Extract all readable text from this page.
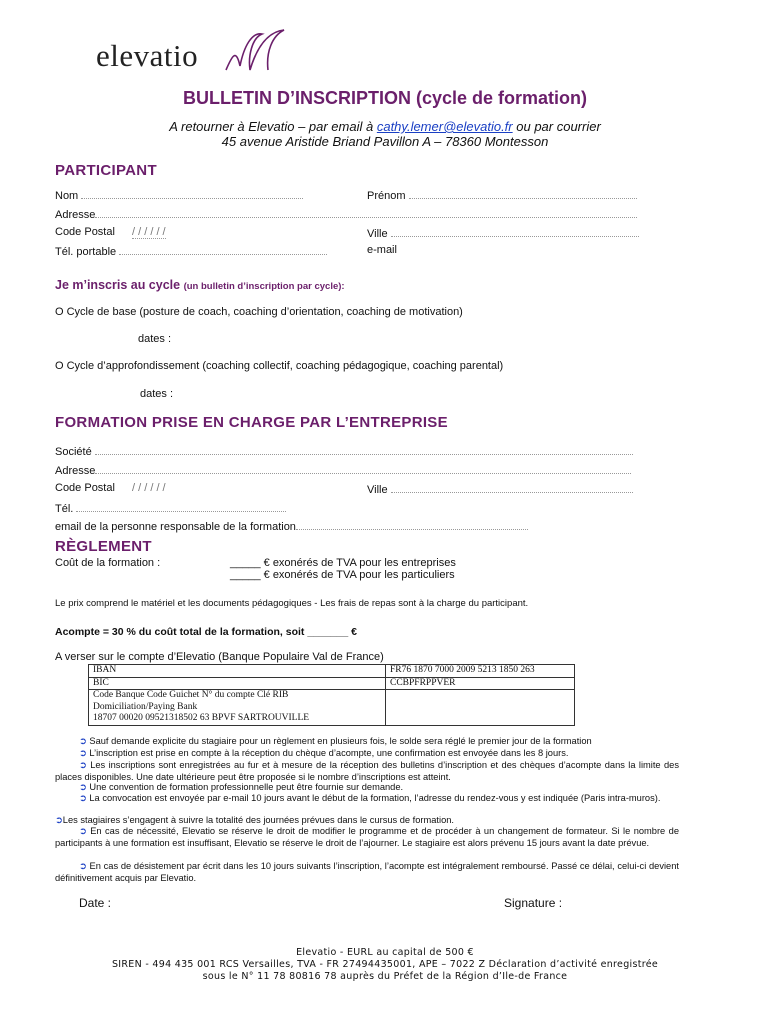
elevatio
BULLETIN D’INSCRIPTION (cycle de formation)
A retourner à Elevatio – par email à cathy.lemer@elevatio.fr ou par courrier
45 avenue Aristide Briand Pavillon A – 78360 Montesson
PARTICIPANT
Nom	Prénom
Adresse
Code Postal / / / / / /	Ville
Tél. portable	e-mail
Je m’inscris au cycle (un bulletin d’inscription par cycle):
O Cycle de base (posture de coach, coaching d’orientation, coaching de motivation)
dates :
O Cycle d’approfondissement (coaching collectif, coaching pédagogique, coaching parental)
dates :
FORMATION PRISE EN CHARGE PAR L’ENTREPRISE
Société
Adresse
Code Postal / / / / / /	Ville
Tél.
email de la personne responsable de la formation
RÈGLEMENT
Coût de la formation :	_____ € exonérés de TVA pour les entreprises
_____ € exonérés de TVA pour les particuliers
Le prix comprend le matériel et les documents pédagogiques - Les frais de repas sont à la charge du participant.
Acompte = 30 % du coût total de la formation, soit _______ €
A verser sur le compte d’Elevatio (Banque Populaire Val de France)
IBAN	FR76 1870 7000 2009 5213 1850 263
BIC	CCBPFRPPVER

Code Banque Code Guichet N° du compte Clé RIB
Domiciliation/Paying Bank
18707 00020 09521318502 63 BPVF SARTROUVILLE	

➲ Sauf demande explicite du stagiaire pour un règlement en plusieurs fois, le solde sera réglé le premier jour de la formation
➲ L’inscription est prise en compte à la réception du chèque d’acompte, une confirmation est envoyée dans les 8 jours.
➲ Les inscriptions sont enregistrées au fur et à mesure de la réception des bulletins d’inscription et des chèques d’acompte dans la limite des places disponibles. Une date ultérieure peut être proposée si le nombre d’inscriptions est atteint.
➲ Une convention de formation professionnelle peut être fournie sur demande.
➲ La convocation est envoyée par e-mail 10 jours avant le début de la formation, l’adresse du rendez-vous y est indiquée (Paris intra-muros).
➲Les stagiaires s’engagent à suivre la totalité des journées prévues dans le cursus de formation.
➲ En cas de nécessité, Elevatio se réserve le droit de modifier le programme et de procéder à un changement de formateur. Si le nombre de participants à une formation est insuffisant, Elevatio se réserve le droit de l’ajourner. Le stagiaire est alors prévenu 15 jours avant la date prévue.
➲ En cas de désistement par écrit dans les 10 jours suivants l’inscription, l’acompte est intégralement remboursé. Passé ce délai, celui-ci devient définitivement acquis par Elevatio.
Date :	Signature :
Elevatio - EURL au capital de 500 €
SIREN - 494 435 001 RCS Versailles, TVA - FR 27494435001, APE – 7022 Z Déclaration d’activité enregistrée
sous le N° 11 78 80816 78 auprès du Préfet de la Région d’Ile-de France
